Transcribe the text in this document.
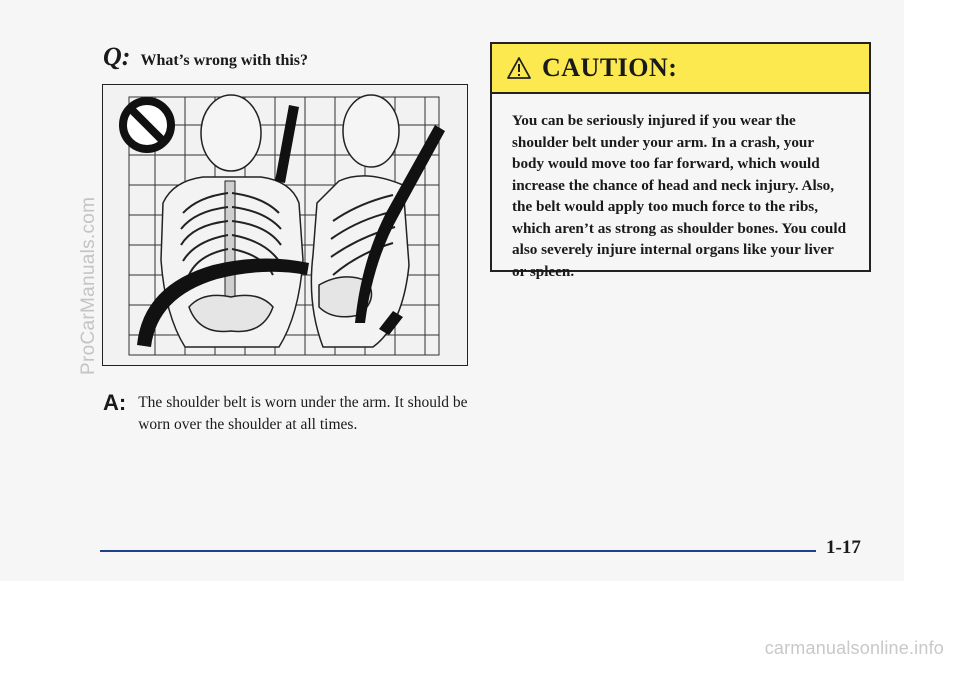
Q: What’s wrong with this?
A: The shoulder belt is worn under the arm. It should be worn over the shoulder at all times.
CAUTION:
You can be seriously injured if you wear the shoulder belt under your arm. In a crash, your body would move too far forward, which would increase the chance of head and neck injury. Also, the belt would apply too much force to the ribs, which aren’t as strong as shoulder bones. You could also severely injure internal organs like your liver or spleen.
1-17
ProCarManuals.com
carmanualsonline.info
